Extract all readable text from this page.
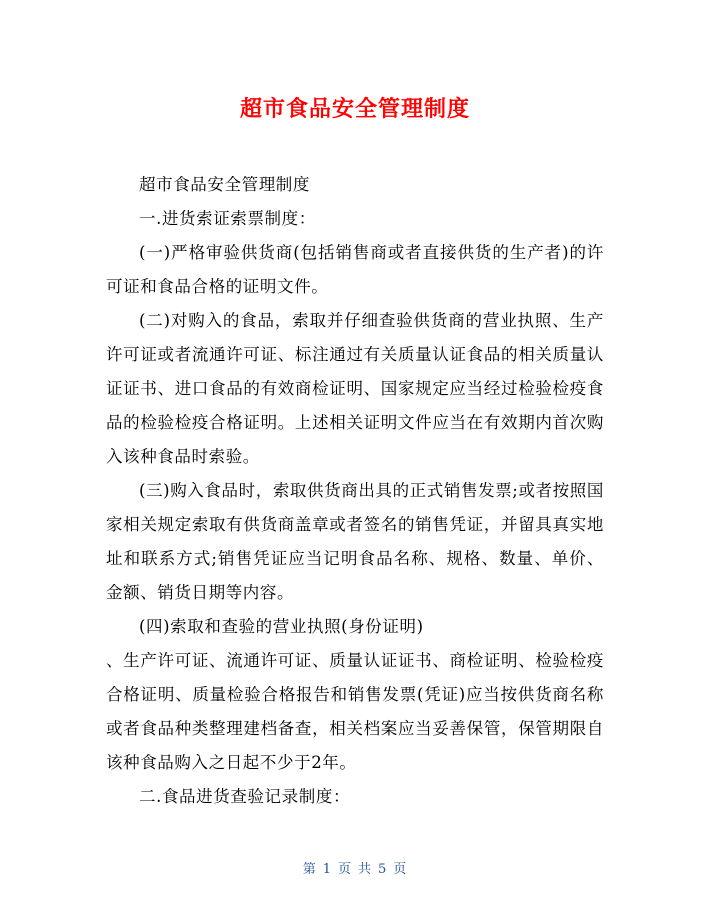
超市食品安全管理制度

超市食品安全管理制度

一.进货索证索票制度：

(一)严格审验供货商(包括销售商或者直接供货的生产者)的许可证和食品合格的证明文件。

(二)对购入的食品，索取并仔细查验供货商的营业执照、生产许可证或者流通许可证、标注通过有关质量认证食品的相关质量认证证书、进口食品的有效商检证明、国家规定应当经过检验检疫食品的检验检疫合格证明。上述相关证明文件应当在有效期内首次购入该种食品时索验。

(三)购入食品时，索取供货商出具的正式销售发票;或者按照国家相关规定索取有供货商盖章或者签名的销售凭证，并留具真实地址和联系方式;销售凭证应当记明食品名称、规格、数量、单价、金额、销货日期等内容。

(四)索取和查验的营业执照(身份证明)

、生产许可证、流通许可证、质量认证证书、商检证明、检验检疫合格证明、质量检验合格报告和销售发票(凭证)应当按供货商名称或者食品种类整理建档备查，相关档案应当妥善保管，保管期限自该种食品购入之日起不少于2年。

二.食品进货查验记录制度：

第 1 页 共 5 页
